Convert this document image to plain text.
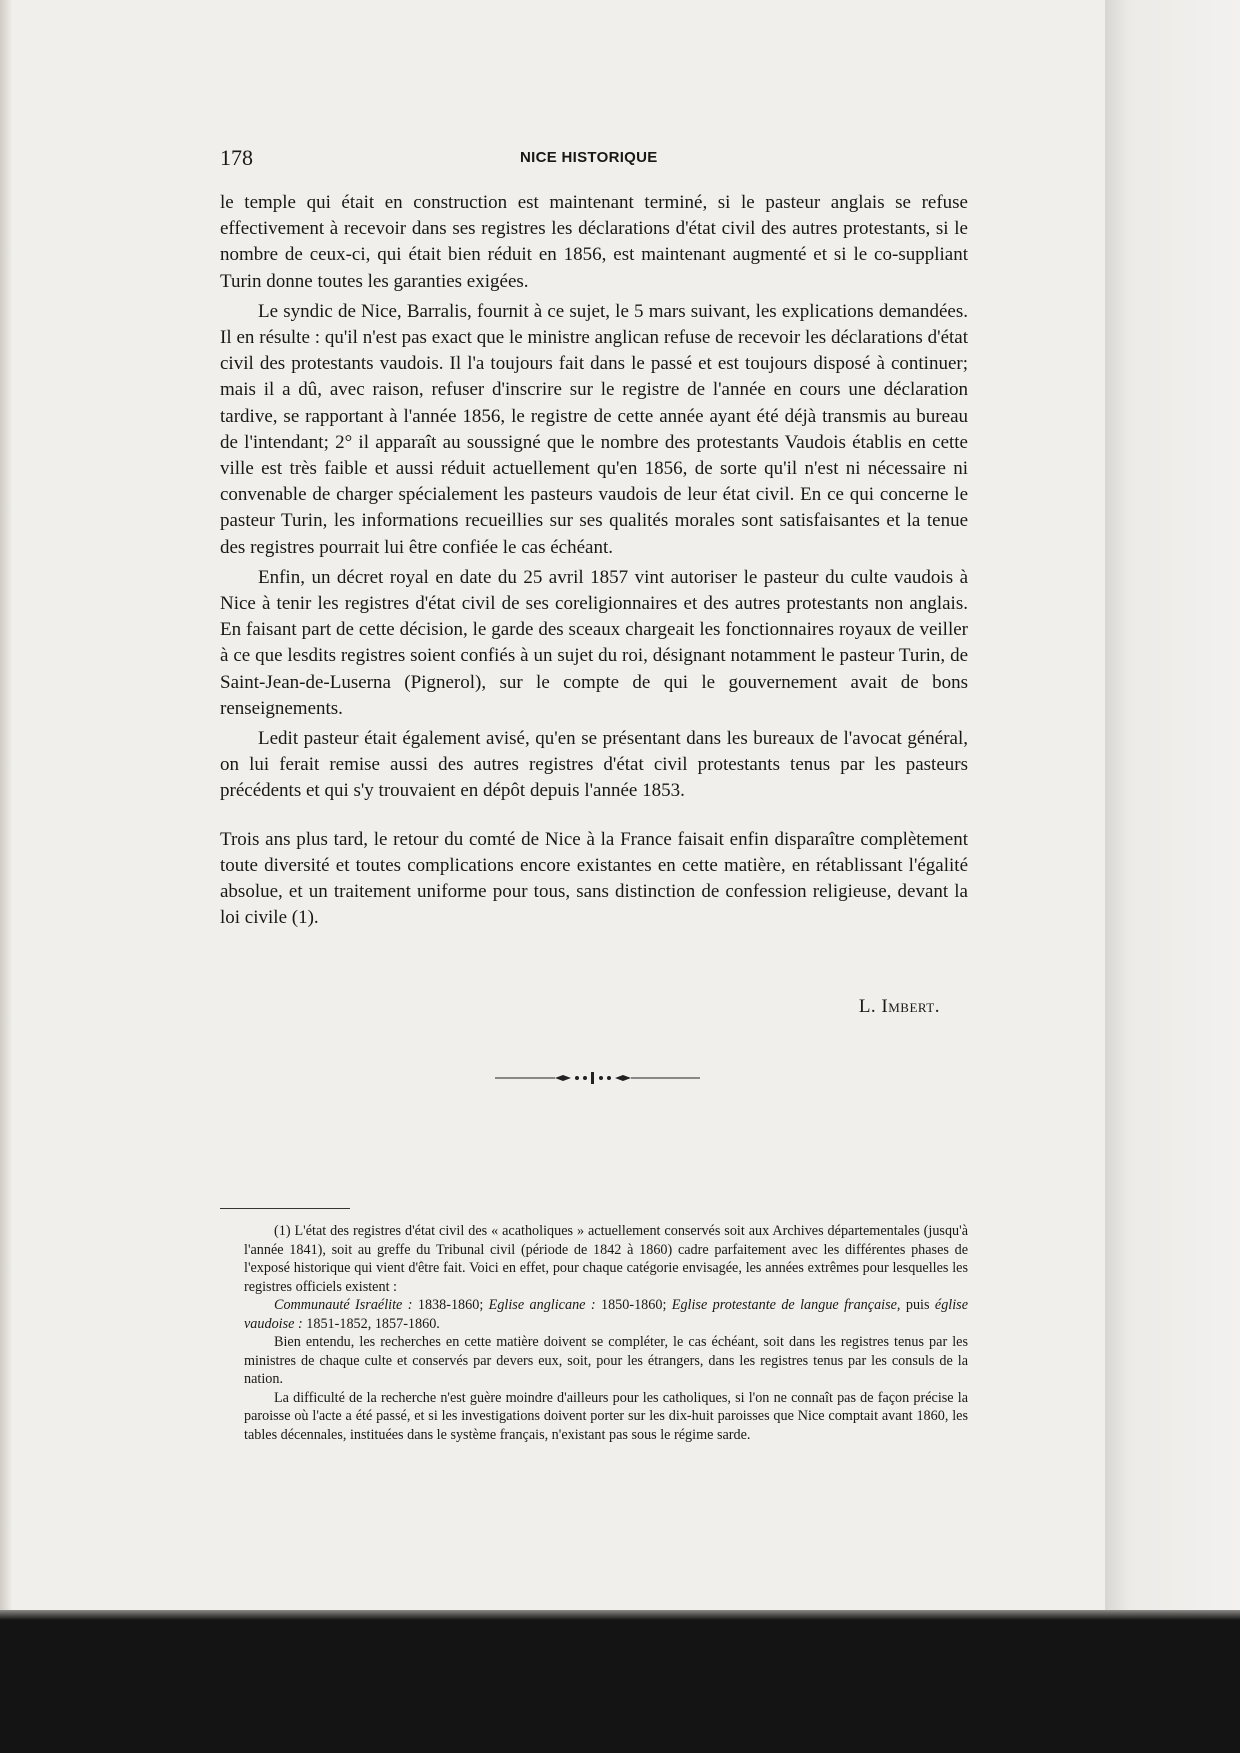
178	NICE HISTORIQUE

le temple qui était en construction est maintenant terminé, si le pasteur anglais se refuse effectivement à recevoir dans ses registres les déclarations d'état civil des autres protestants, si le nombre de ceux-ci, qui était bien réduit en 1856, est maintenant augmenté et si le co-suppliant Turin donne toutes les garanties exigées.

Le syndic de Nice, Barralis, fournit à ce sujet, le 5 mars suivant, les explications demandées. Il en résulte : qu'il n'est pas exact que le ministre anglican refuse de recevoir les déclarations d'état civil des protestants vaudois. Il l'a toujours fait dans le passé et est toujours disposé à continuer; mais il a dû, avec raison, refuser d'inscrire sur le registre de l'année en cours une déclaration tardive, se rapportant à l'année 1856, le registre de cette année ayant été déjà transmis au bureau de l'intendant; 2° il apparaît au soussigné que le nombre des protestants Vaudois établis en cette ville est très faible et aussi réduit actuellement qu'en 1856, de sorte qu'il n'est ni nécessaire ni convenable de charger spécialement les pasteurs vaudois de leur état civil. En ce qui concerne le pasteur Turin, les informations recueillies sur ses qualités morales sont satisfaisantes et la tenue des registres pourrait lui être confiée le cas échéant.

Enfin, un décret royal en date du 25 avril 1857 vint autoriser le pasteur du culte vaudois à Nice à tenir les registres d'état civil de ses coreligionnaires et des autres protestants non anglais. En faisant part de cette décision, le garde des sceaux chargeait les fonctionnaires royaux de veiller à ce que lesdits registres soient confiés à un sujet du roi, désignant notamment le pasteur Turin, de Saint-Jean-de-Luserna (Pignerol), sur le compte de qui le gouvernement avait de bons renseignements.

Ledit pasteur était également avisé, qu'en se présentant dans les bureaux de l'avocat général, on lui ferait remise aussi des autres registres d'état civil protestants tenus par les pasteurs précédents et qui s'y trouvaient en dépôt depuis l'année 1853.

Trois ans plus tard, le retour du comté de Nice à la France faisait enfin disparaître complètement toute diversité et toutes complications encore existantes en cette matière, en rétablissant l'égalité absolue, et un traitement uniforme pour tous, sans distinction de confession religieuse, devant la loi civile (1).

L. Imbert.

(1) L'état des registres d'état civil des « acatholiques » actuellement conservés soit aux Archives départementales (jusqu'à l'année 1841), soit au greffe du Tribunal civil (période de 1842 à 1860) cadre parfaitement avec les différentes phases de l'exposé historique qui vient d'être fait. Voici en effet, pour chaque catégorie envisagée, les années extrêmes pour lesquelles les registres officiels existent :

Communauté Israélite : 1838-1860; Eglise anglicane : 1850-1860; Eglise protestante de langue française, puis église vaudoise : 1851-1852, 1857-1860.

Bien entendu, les recherches en cette matière doivent se compléter, le cas échéant, soit dans les registres tenus par les ministres de chaque culte et conservés par devers eux, soit, pour les étrangers, dans les registres tenus par les consuls de la nation.

La difficulté de la recherche n'est guère moindre d'ailleurs pour les catholiques, si l'on ne connaît pas de façon précise la paroisse où l'acte a été passé, et si les investigations doivent porter sur les dix-huit paroisses que Nice comptait avant 1860, les tables décennales, instituées dans le système français, n'existant pas sous le régime sarde.
